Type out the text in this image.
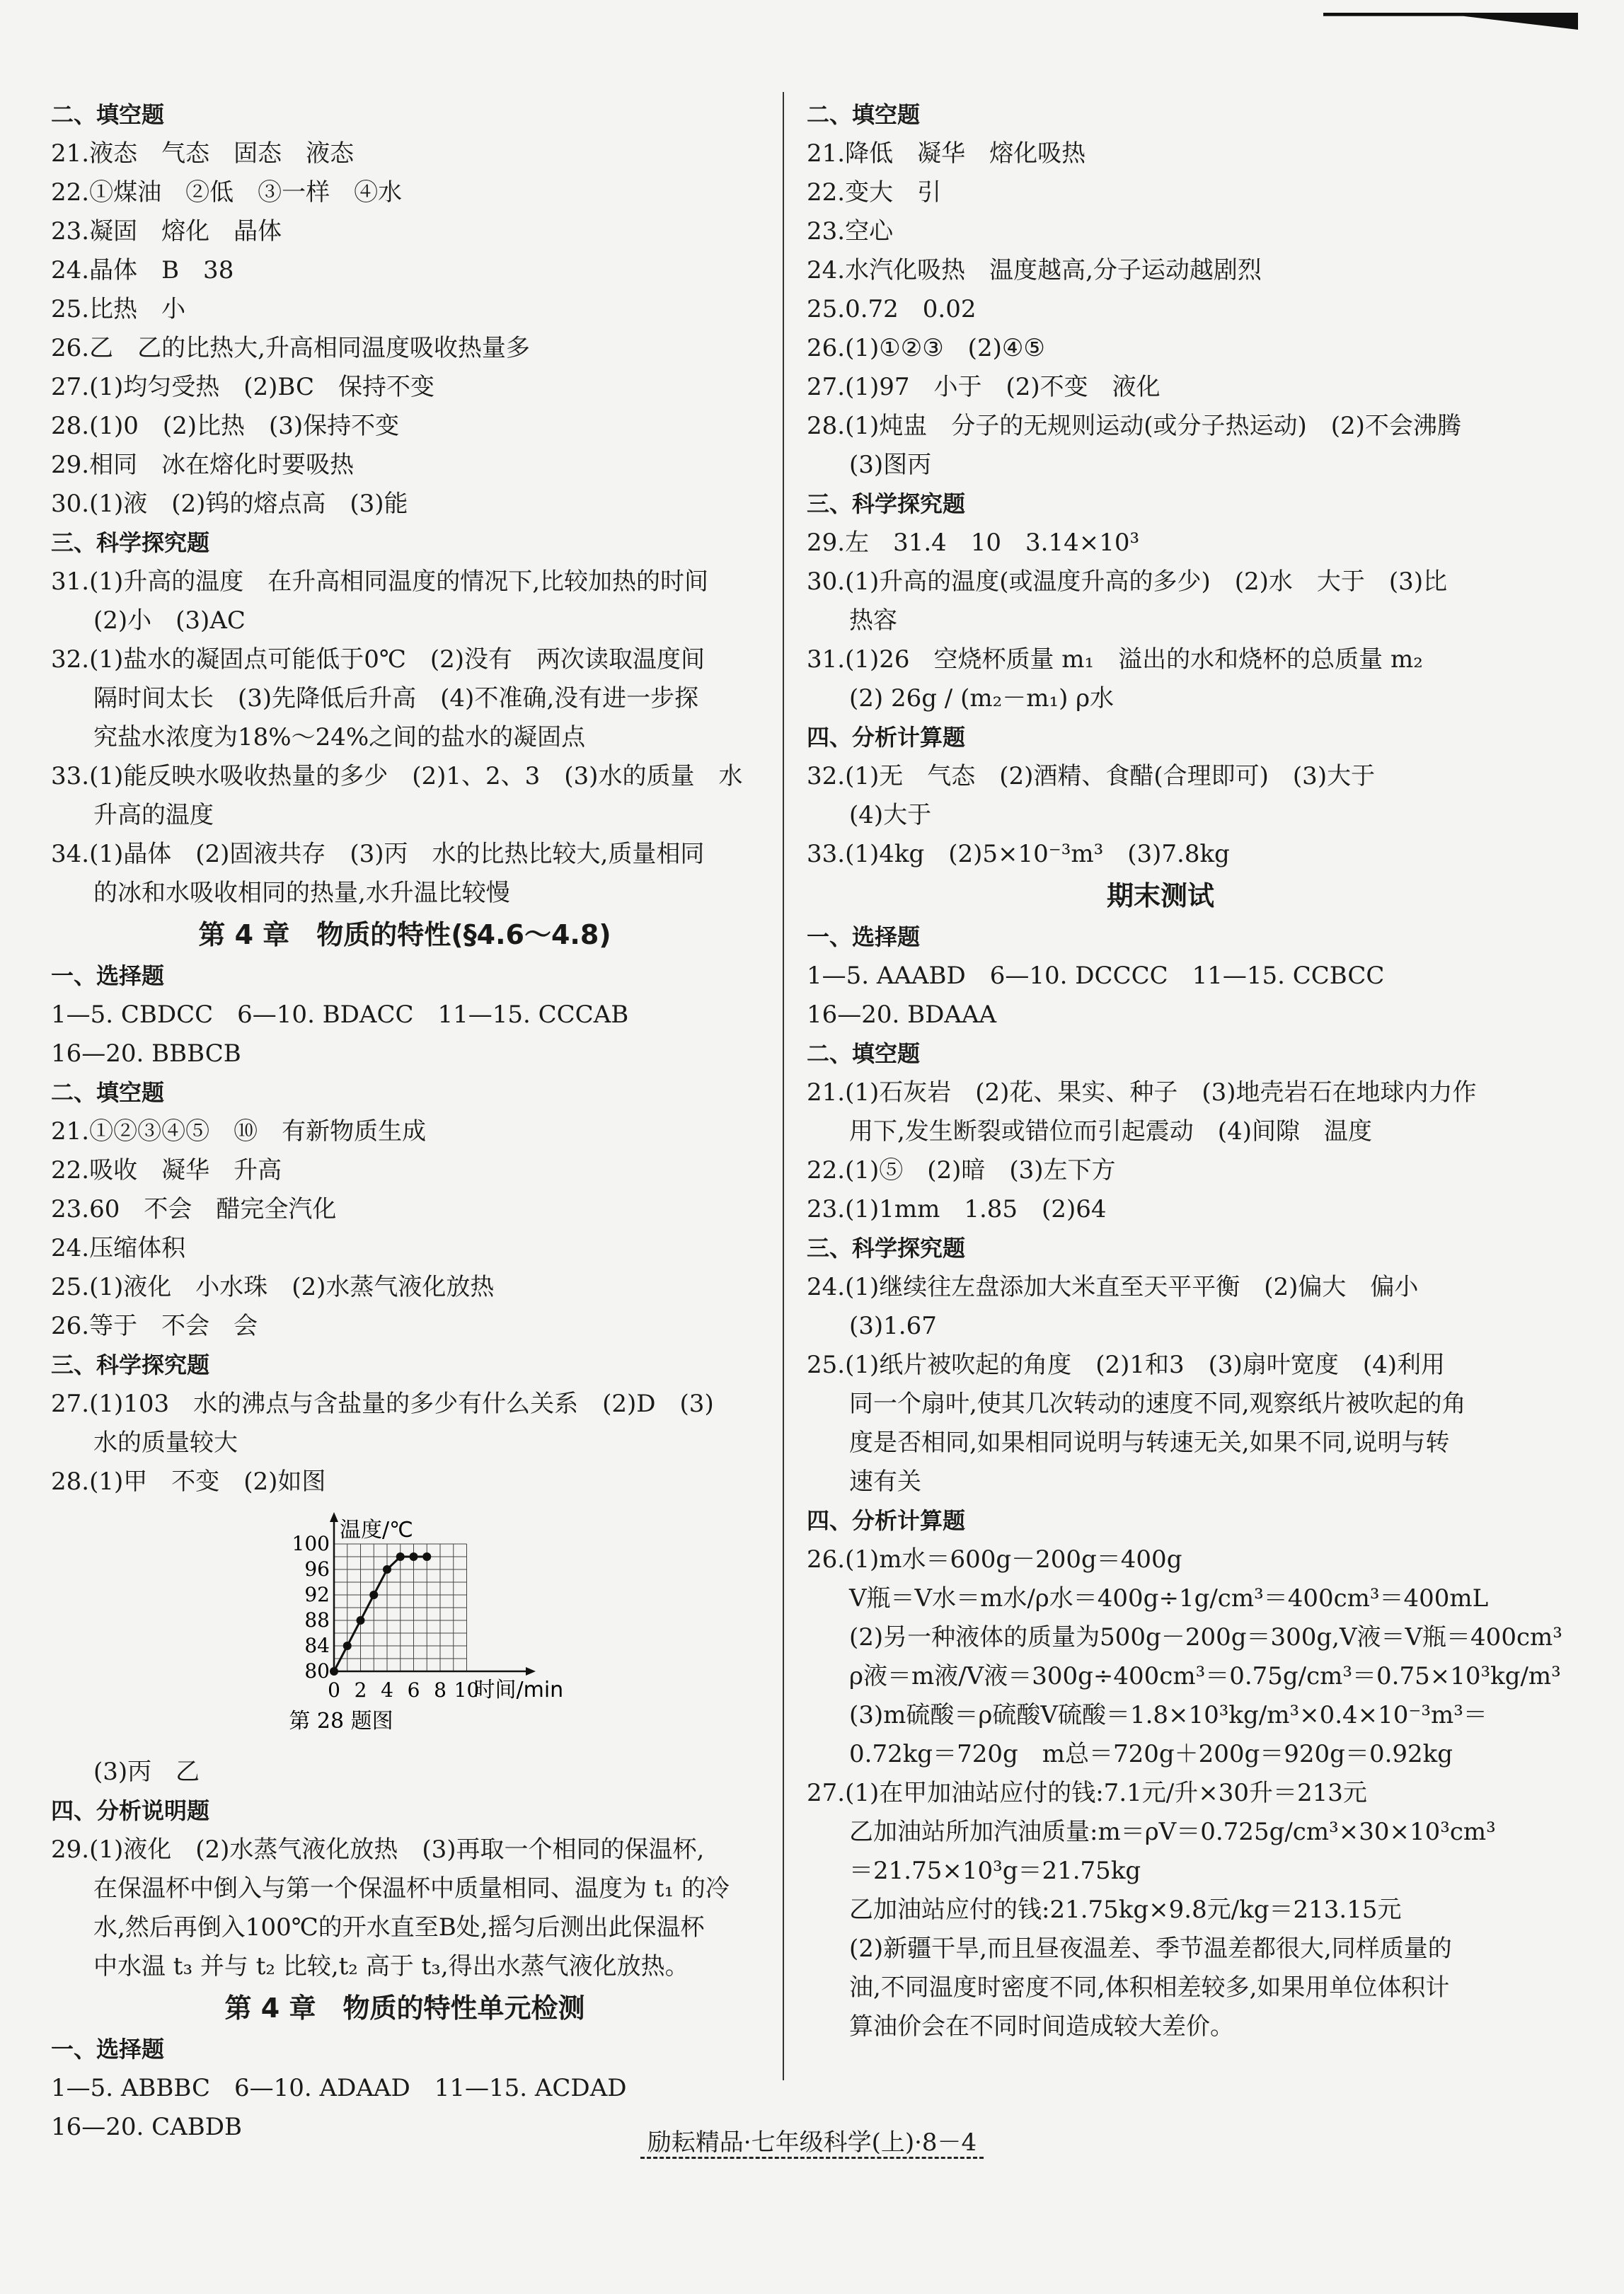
二、填空题
21.液态　气态　固态　液态
22.①煤油　②低　③一样　④水
23.凝固　熔化　晶体
24.晶体　B　38
25.比热　小
26.乙　乙的比热大,升高相同温度吸收热量多
27.(1)均匀受热　(2)BC　保持不变
28.(1)0　(2)比热　(3)保持不变
29.相同　冰在熔化时要吸热
30.(1)液　(2)钨的熔点高　(3)能
三、科学探究题
31.(1)升高的温度　在升高相同温度的情况下,比较加热的时间
(2)小　(3)AC
32.(1)盐水的凝固点可能低于0℃　(2)没有　两次读取温度间
隔时间太长　(3)先降低后升高　(4)不准确,没有进一步探
究盐水浓度为18%～24%之间的盐水的凝固点
33.(1)能反映水吸收热量的多少　(2)1、2、3　(3)水的质量　水
升高的温度
34.(1)晶体　(2)固液共存　(3)丙　水的比热比较大,质量相同
的冰和水吸收相同的热量,水升温比较慢
第 4 章　物质的特性(§4.6～4.8)
一、选择题
1—5. CBDCC　6—10. BDACC　11—15. CCCAB
16—20. BBBCB
二、填空题
21.①②③④⑤　⑩　有新物质生成
22.吸收　凝华　升高
23.60　不会　醋完全汽化
24.压缩体积
25.(1)液化　小水珠　(2)水蒸气液化放热
26.等于　不会　会
三、科学探究题
27.(1)103　水的沸点与含盐量的多少有什么关系　(2)D　(3)
水的质量较大
28.(1)甲　不变　(2)如图
80
84
88
92
96
100
0 2 4 6 8 10
温度/℃
时间/min
第 28 题图
(3)丙　乙
四、分析说明题
29.(1)液化　(2)水蒸气液化放热　(3)再取一个相同的保温杯,
在保温杯中倒入与第一个保温杯中质量相同、温度为 t₁ 的冷
水,然后再倒入100℃的开水直至B处,摇匀后测出此保温杯
中水温 t₃ 并与 t₂ 比较,t₂ 高于 t₃,得出水蒸气液化放热。
第 4 章　物质的特性单元检测
一、选择题
1—5. ABBBC　6—10. ADAAD　11—15. ACDAD
16—20. CABDB
二、填空题
21.降低　凝华　熔化吸热
22.变大　引
23.空心
24.水汽化吸热　温度越高,分子运动越剧烈
25.0.72　0.02
26.(1)①②③　(2)④⑤
27.(1)97　小于　(2)不变　液化
28.(1)炖盅　分子的无规则运动(或分子热运动)　(2)不会沸腾
(3)图丙
三、科学探究题
29.左　31.4　10　3.14×10³
30.(1)升高的温度(或温度升高的多少)　(2)水　大于　(3)比
热容
31.(1)26　空烧杯质量 m₁　溢出的水和烧杯的总质量 m₂
(2) 26g / (m₂－m₁) ρ水
四、分析计算题
32.(1)无　气态　(2)酒精、食醋(合理即可)　(3)大于
(4)大于
33.(1)4kg　(2)5×10⁻³m³　(3)7.8kg
期末测试
一、选择题
1—5. AAABD　6—10. DCCCC　11—15. CCBCC
16—20. BDAAA
二、填空题
21.(1)石灰岩　(2)花、果实、种子　(3)地壳岩石在地球内力作
用下,发生断裂或错位而引起震动　(4)间隙　温度
22.(1)⑤　(2)暗　(3)左下方
23.(1)1mm　1.85　(2)64
三、科学探究题
24.(1)继续往左盘添加大米直至天平平衡　(2)偏大　偏小
(3)1.67
25.(1)纸片被吹起的角度　(2)1和3　(3)扇叶宽度　(4)利用
同一个扇叶,使其几次转动的速度不同,观察纸片被吹起的角
度是否相同,如果相同说明与转速无关,如果不同,说明与转
速有关
四、分析计算题
26.(1)m水＝600g－200g＝400g
V瓶＝V水＝m水/ρ水＝400g÷1g/cm³＝400cm³＝400mL
(2)另一种液体的质量为500g－200g＝300g,V液＝V瓶＝400cm³
ρ液＝m液/V液＝300g÷400cm³＝0.75g/cm³＝0.75×10³kg/m³
(3)m硫酸＝ρ硫酸V硫酸＝1.8×10³kg/m³×0.4×10⁻³m³＝
0.72kg＝720g　m总＝720g＋200g＝920g＝0.92kg
27.(1)在甲加油站应付的钱:7.1元/升×30升＝213元
乙加油站所加汽油质量:m＝ρV＝0.725g/cm³×30×10³cm³
＝21.75×10³g＝21.75kg
乙加油站应付的钱:21.75kg×9.8元/kg＝213.15元
(2)新疆干旱,而且昼夜温差、季节温差都很大,同样质量的
油,不同温度时密度不同,体积相差较多,如果用单位体积计
算油价会在不同时间造成较大差价。
励耘精品·七年级科学(上)·8－4
